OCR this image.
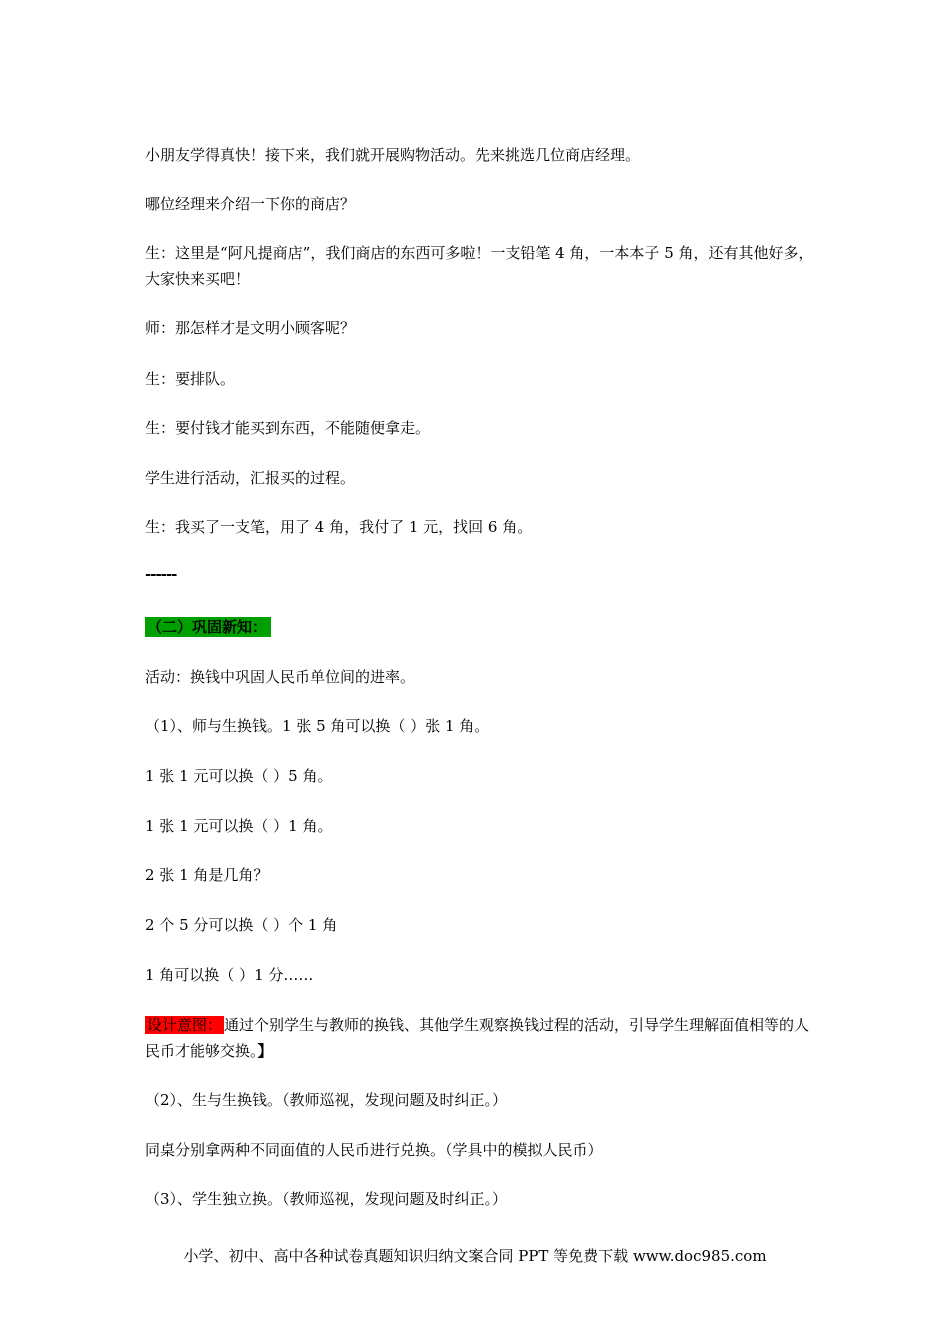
小朋友学得真快！接下来，我们就开展购物活动。先来挑选几位商店经理。

哪位经理来介绍一下你的商店？

生：这里是“阿凡提商店”，我们商店的东西可多啦！一支铅笔 4 角，一本本子 5 角，还有其他好多，大家快来买吧！

师：那怎样才是文明小顾客呢？

生：要排队。

生：要付钱才能买到东西，不能随便拿走。

学生进行活动，汇报买的过程。

生：我买了一支笔，用了 4 角，我付了 1 元，找回 6 角。

------

（二）巩固新知：

活动：换钱中巩固人民币单位间的进率。

（1）、师与生换钱。1 张 5 角可以换（ ）张 1 角。

1 张 1 元可以换（ ）5 角。

1 张 1 元可以换（ ）1 角。

2 张 1 角是几角？

2 个 5 分可以换（ ）个 1 角

1 角可以换（ ）1 分……

设计意图： 通过个别学生与教师的换钱、其他学生观察换钱过程的活动，引导学生理解面值相等的人民币才能够交换。】

（2）、生与生换钱。（教师巡视，发现问题及时纠正。）

同桌分别拿两种不同面值的人民币进行兑换。（学具中的模拟人民币）

（3）、学生独立换。（教师巡视，发现问题及时纠正。）

小学、初中、高中各种试卷真题知识归纳文案合同 PPT 等免费下载 www.doc985.com
